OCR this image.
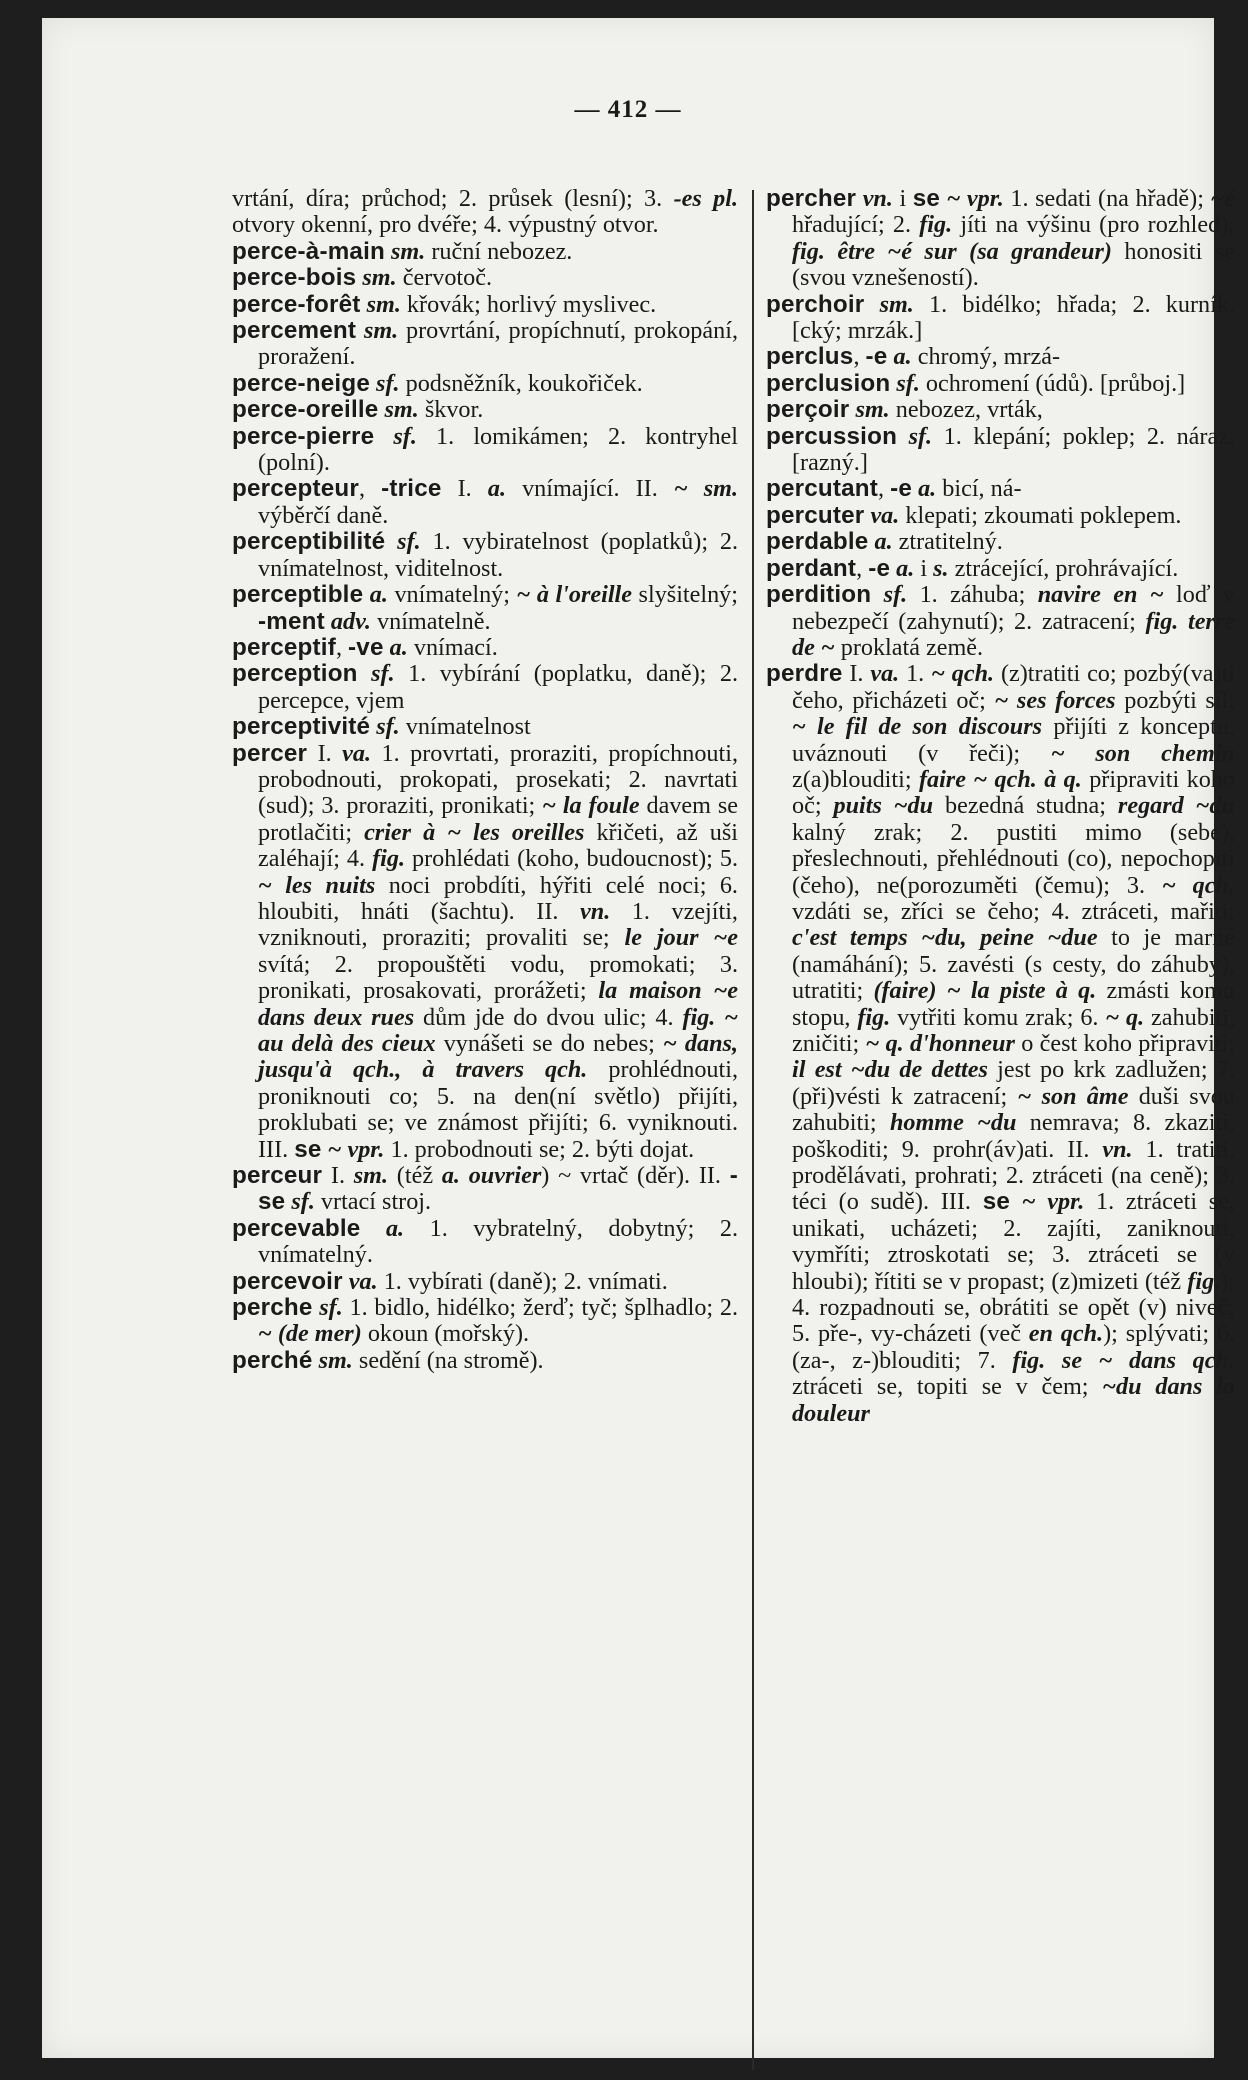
— 412 —

vrtání, díra; průchod; 2. průsek (lesní); 3. -es pl. otvory okenní, pro dvéře; 4. výpustný otvor.

perce-à-main sm. ruční nebozez.

perce-bois sm. červotoč.

perce-forêt sm. křovák; horlivý myslivec.

percement sm. provrtání, propíchnutí, prokopání, proražení.

perce-neige sf. podsněžník, koukořiček.

perce-oreille sm. škvor.

perce-pierre sf. 1. lomikámen; 2. kontryhel (polní).

percepteur, -trice I. a. vnímající. II. ~ sm. výběrčí daně.

perceptibilité sf. 1. vybiratelnost (poplatků); 2. vnímatelnost, viditelnost.

perceptible a. vnímatelný; ~ à l'oreille slyšitelný; -ment adv. vnímatelně.

perceptif, -ve a. vnímací.

perception sf. 1. vybírání (poplatku, daně); 2. percepce, vjem

perceptivité sf. vnímatelnost

percer I. va. 1. provrtati, proraziti, propíchnouti, probodnouti, prokopati, prosekati; 2. navrtati (sud); 3. proraziti, pronikati; ~ la foule davem se protlačiti; crier à ~ les oreilles křičeti, až uši zaléhají; 4. fig. prohlédati (koho, budoucnost); 5. ~ les nuits noci probdíti, hýřiti celé noci; 6. hloubiti, hnáti (šachtu). II. vn. 1. vzejíti, vzniknouti, proraziti; provaliti se; le jour ~e svítá; 2. propouštěti vodu, promokati; 3. pronikati, prosakovati, prorážeti; la maison ~e dans deux rues dům jde do dvou ulic; 4. fig. ~ au delà des cieux vynášeti se do nebes; ~ dans, jusqu'à qch., à travers qch. prohlédnouti, proniknouti co; 5. na den(ní světlo) přijíti, proklubati se; ve známost přijíti; 6. vyniknouti. III. se ~ vpr. 1. probodnouti se; 2. býti dojat.

perceur I. sm. (též a. ouvrier) ~ vrtač (děr). II. -se sf. vrtací stroj.

percevable a. 1. vybratelný, dobytný; 2. vnímatelný.

percevoir va. 1. vybírati (daně); 2. vnímati.

perche sf. 1. bidlo, hidélko; žerď; tyč; šplhadlo; 2. ~ (de mer) okoun (mořský).

perché sm. sedění (na stromě).

percher vn. i se ~ vpr. 1. sedati (na hřadě); ~é hřadující; 2. fig. jíti na výšinu (pro rozhled); fig. être ~é sur (sa grandeur) honositi se (svou vznešeností).

perchoir sm. 1. bidélko; hřada; 2. kurník. [cký; mrzák.]

perclus, -e a. chromý, mrzá-

perclusion sf. ochromení (údů). [průboj.]

perçoir sm. nebozez, vrták,

percussion sf. 1. klepání; poklep; 2. náraz. [razný.]

percutant, -e a. bicí, ná-

percuter va. klepati; zkoumati poklepem.

perdable a. ztratitelný.

perdant, -e a. i s. ztrácející, prohrávající.

perdition sf. 1. záhuba; navire en ~ loď v nebezpečí (zahynutí); 2. zatracení; fig. terre de ~ proklatá země.

perdre I. va. 1. ~ qch. (z)tratiti co; pozbý(va)ti čeho, přicházeti oč; ~ ses forces pozbýti sil; ~ le fil de son discours přijíti z konceptu, uváznouti (v řeči); ~ son chemin z(a)blouditi; faire ~ qch. à q. připraviti koho oč; puits ~du bezedná studna; regard ~du kalný zrak; 2. pustiti mimo (sebe), přeslechnouti, přehlédnouti (co), nepochopiti (čeho), ne(porozuměti (čemu); 3. ~ qch. vzdáti se, zříci se čeho; 4. ztráceti, mařiti; c'est temps ~du, peine ~due to je marné (namáhání); 5. zavésti (s cesty, do záhuby), utratiti; (faire) ~ la piste à q. zmásti komu stopu, fig. vytřiti komu zrak; 6. ~ q. zahubiti, zničiti; ~ q. d'honneur o čest koho připraviti; il est ~du de dettes jest po krk zadlužen; 7. (při)vésti k zatracení; ~ son âme duši svou zahubiti; homme ~du nemrava; 8. zkaziti, poškoditi; 9. prohr(áv)ati. II. vn. 1. tratiti, prodělávati, prohrati; 2. ztráceti (na ceně); 3. téci (o sudě). III. se ~ vpr. 1. ztráceti se, unikati, ucházeti; 2. zajíti, zaniknouti, vymříti; ztroskotati se; 3. ztráceti se (v hloubi); řítiti se v propast; (z)mizeti (též fig.); 4. rozpadnouti se, obrátiti se opět (v) niveč; 5. pře-, vy-cházeti (več en qch.); splývati; 6. (za-, z-)blouditi; 7. fig. se ~ dans qch. ztráceti se, topiti se v čem; ~du dans la douleur
